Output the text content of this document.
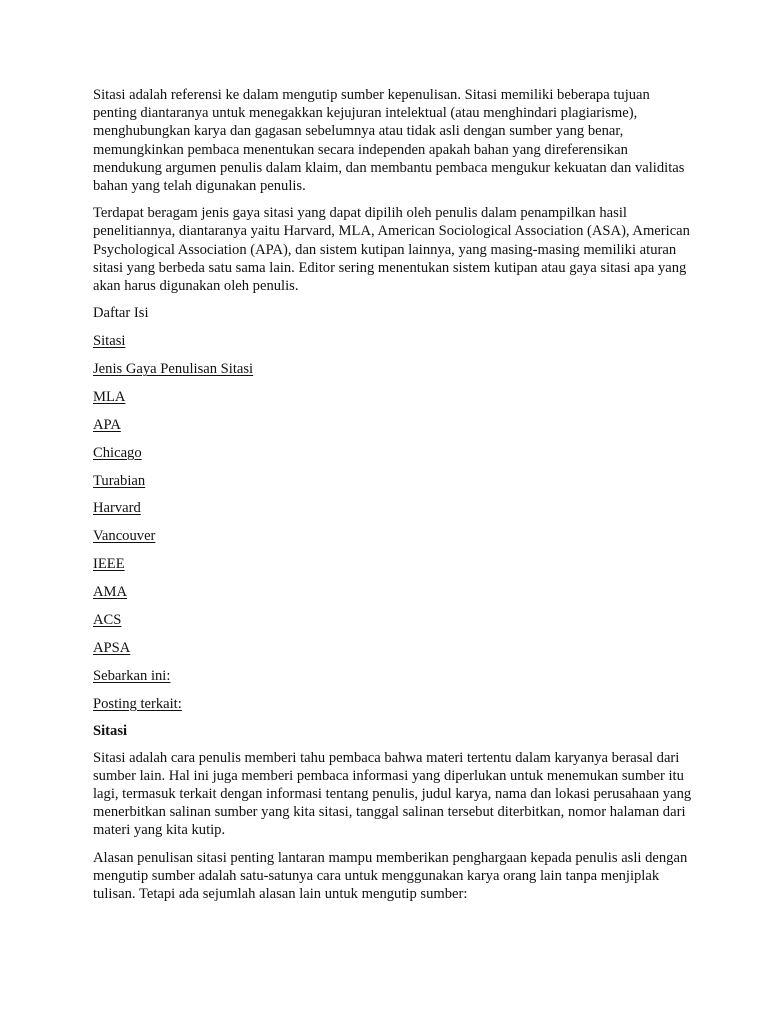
Sitasi adalah referensi ke dalam mengutip sumber kepenulisan. Sitasi memiliki beberapa tujuan penting diantaranya untuk menegakkan kejujuran intelektual (atau menghindari plagiarisme), menghubungkan karya dan gagasan sebelumnya atau tidak asli dengan sumber yang benar, memungkinkan pembaca menentukan secara independen apakah bahan yang direferensikan mendukung argumen penulis dalam klaim, dan membantu pembaca mengukur kekuatan dan validitas bahan yang telah digunakan penulis.

Terdapat beragam jenis gaya sitasi yang dapat dipilih oleh penulis dalam penampilkan hasil penelitiannya, diantaranya yaitu Harvard, MLA, American Sociological Association (ASA), American Psychological Association (APA), dan sistem kutipan lainnya, yang masing-masing memiliki aturan sitasi yang berbeda satu sama lain. Editor sering menentukan sistem kutipan atau gaya sitasi apa yang akan harus digunakan oleh penulis.

Daftar Isi
Sitasi
Jenis Gaya Penulisan Sitasi
MLA
APA
Chicago
Turabian
Harvard
Vancouver
IEEE
AMA
ACS
APSA
Sebarkan ini:
Posting terkait:
Sitasi

Sitasi adalah cara penulis memberi tahu pembaca bahwa materi tertentu dalam karyanya berasal dari sumber lain. Hal ini juga memberi pembaca informasi yang diperlukan untuk menemukan sumber itu lagi, termasuk terkait dengan informasi tentang penulis, judul karya, nama dan lokasi perusahaan yang menerbitkan salinan sumber yang kita sitasi, tanggal salinan tersebut diterbitkan, nomor halaman dari materi yang kita kutip.

Alasan penulisan sitasi penting lantaran mampu memberikan penghargaan kepada penulis asli dengan mengutip sumber adalah satu-satunya cara untuk menggunakan karya orang lain tanpa menjiplak tulisan. Tetapi ada sejumlah alasan lain untuk mengutip sumber:
